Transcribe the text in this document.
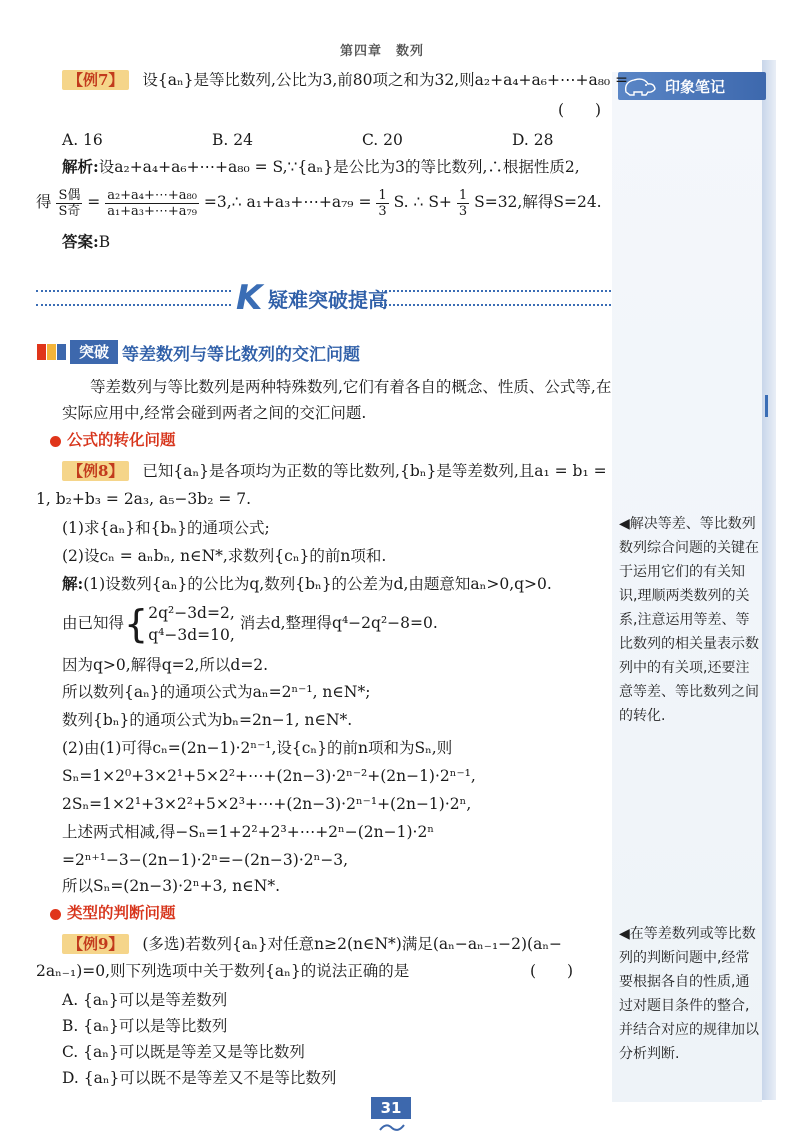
第四章　数列
印象笔记
【例7】 设{aₙ}是等比数列,公比为3,前80项之和为32,则a₂+a₄+a₆+⋯+a₈₀ =
(　　)
A. 16	B. 24	C. 20	D. 28
解析:设a₂+a₄+a₆+⋯+a₈₀ = S,∵{aₙ}是公比为3的等比数列,∴根据性质2,
得 $\frac{\text{S偶}}{\text{S奇}} = \frac{\text{a₂+a₄+⋯+a₈₀}}{\text{a₁+a₃+⋯+a₇₉}}$ =3,∴ a₁+a₃+⋯+a₇₉ = $\frac{1}{3} S$. ∴ $S+ \frac{1}{3} S=32$,解得S=24.
答案:B
K 疑难突破提高
突破 等差数列与等比数列的交汇问题
等差数列与等比数列是两种特殊数列,它们有着各自的概念、性质、公式等,在
实际应用中,经常会碰到两者之间的交汇问题.
公式的转化问题
【例8】 已知{aₙ}是各项均为正数的等比数列,{bₙ}是等差数列,且a₁ = b₁ =
1, b₂+b₃ = 2a₃, a₅−3b₂ = 7.
(1)求{aₙ}和{bₙ}的通项公式;
(2)设cₙ = aₙbₙ, n∈N*,求数列{cₙ}的前n项和.
解:(1)设数列{aₙ}的公比为q,数列{bₙ}的公差为d,由题意知aₙ>0,q>0.
由已知得{ 2q²−3d=2,
q⁴−3d=10,
消去d,整理得q⁴−2q²−8=0.
因为q>0,解得q=2,所以d=2.
所以数列{aₙ}的通项公式为aₙ=2ⁿ⁻¹, n∈N*;
数列{bₙ}的通项公式为bₙ=2n−1, n∈N*.
(2)由(1)可得cₙ=(2n−1)·2ⁿ⁻¹,设{cₙ}的前n项和为Sₙ,则
Sₙ=1×2⁰+3×2¹+5×2²+⋯+(2n−3)·2ⁿ⁻²+(2n−1)·2ⁿ⁻¹,
2Sₙ=1×2¹+3×2²+5×2³+⋯+(2n−3)·2ⁿ⁻¹+(2n−1)·2ⁿ,
上述两式相减,得−Sₙ=1+2²+2³+⋯+2ⁿ−(2n−1)·2ⁿ
=2ⁿ⁺¹−3−(2n−1)·2ⁿ=−(2n−3)·2ⁿ−3,
所以Sₙ=(2n−3)·2ⁿ+3, n∈N*.
类型的判断问题
【例9】 (多选)若数列{aₙ}对任意n≥2(n∈N*)满足(aₙ−aₙ₋₁−2)(aₙ−
2aₙ₋₁)=0,则下列选项中关于数列{aₙ}的说法正确的是	(　　)
A. {aₙ}可以是等差数列
B. {aₙ}可以是等比数列
C. {aₙ}可以既是等差又是等比数列
D. {aₙ}可以既不是等差又不是等比数列
◀解决等差、等比数列数列综合问题的关键在于运用它们的有关知识,理顺两类数列的关系,注意运用等差、等比数列的相关量表示数列中的有关项,还要注意等差、等比数列之间的转化.
◀在等差数列或等比数列的判断问题中,经常要根据各自的性质,通过对题目条件的整合,并结合对应的规律加以分析判断.
31
